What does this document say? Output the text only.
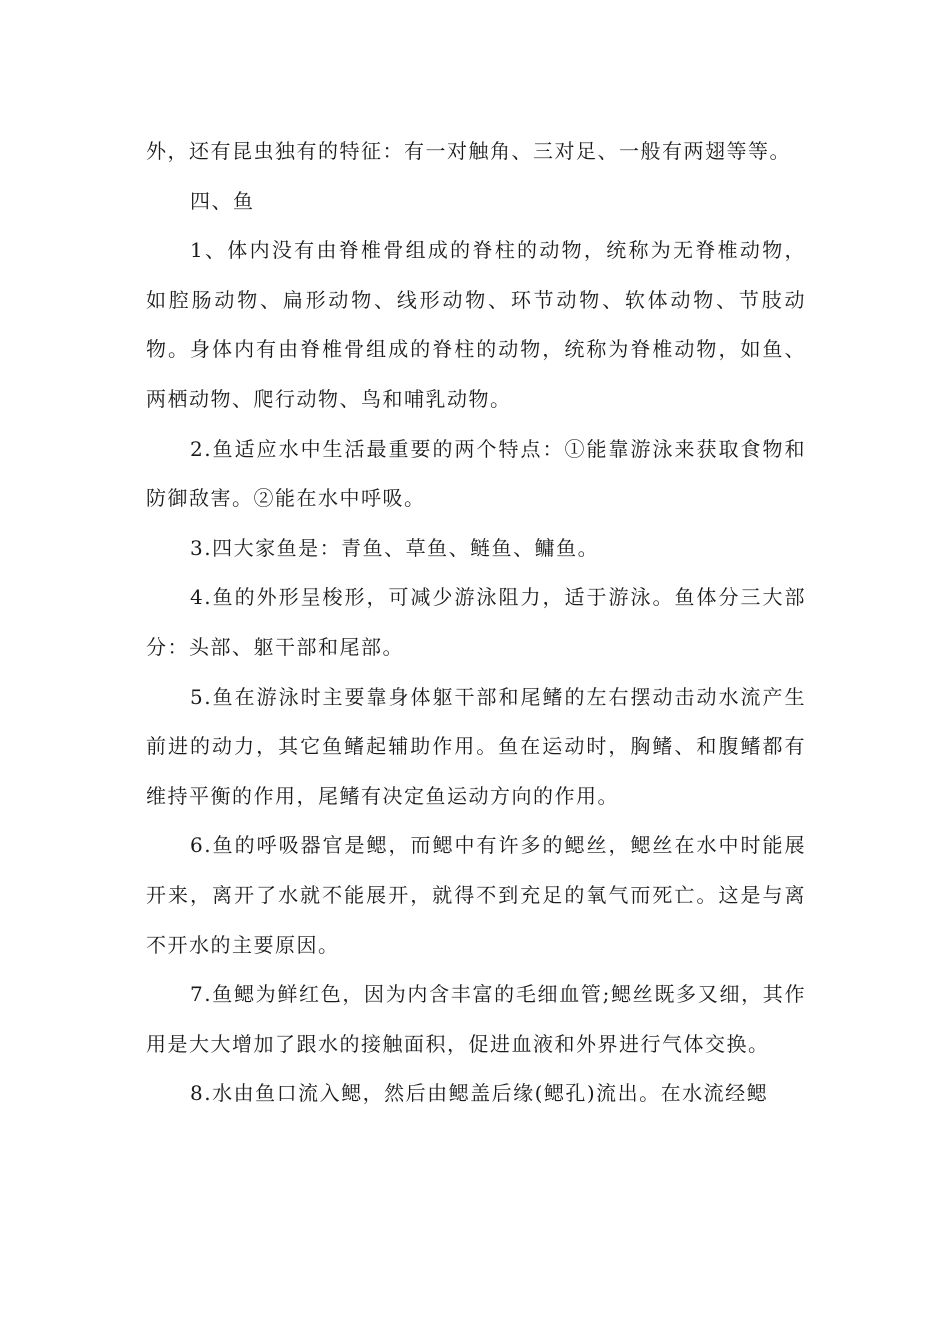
外，还有昆虫独有的特征：有一对触角、三对足、一般有两翅等等。

四、鱼

1、体内没有由脊椎骨组成的脊柱的动物，统称为无脊椎动物，如腔肠动物、扁形动物、线形动物、环节动物、软体动物、节肢动物。身体内有由脊椎骨组成的脊柱的动物，统称为脊椎动物，如鱼、两栖动物、爬行动物、鸟和哺乳动物。

2.鱼适应水中生活最重要的两个特点：①能靠游泳来获取食物和防御敌害。②能在水中呼吸。

3.四大家鱼是：青鱼、草鱼、鲢鱼、鳙鱼。

4.鱼的外形呈梭形，可减少游泳阻力，适于游泳。鱼体分三大部分：头部、躯干部和尾部。

5.鱼在游泳时主要靠身体躯干部和尾鳍的左右摆动击动水流产生前进的动力，其它鱼鳍起辅助作用。鱼在运动时，胸鳍、和腹鳍都有维持平衡的作用，尾鳍有决定鱼运动方向的作用。

6.鱼的呼吸器官是鳃，而鳃中有许多的鳃丝，鳃丝在水中时能展开来，离开了水就不能展开，就得不到充足的氧气而死亡。这是与离不开水的主要原因。

7.鱼鳃为鲜红色，因为内含丰富的毛细血管;鳃丝既多又细，其作用是大大增加了跟水的接触面积，促进血液和外界进行气体交换。

8.水由鱼口流入鳃，然后由鳃盖后缘(鳃孔)流出。在水流经鳃
